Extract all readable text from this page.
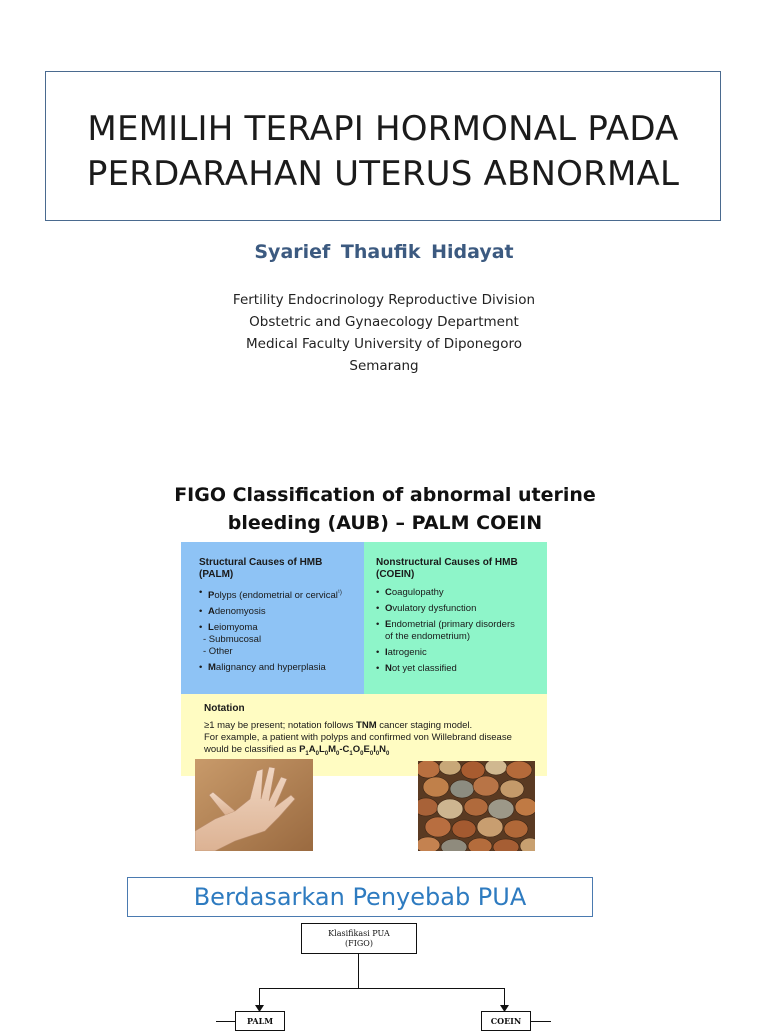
MEMILIH TERAPI HORMONAL PADA
PERDARAHAN UTERUS ABNORMAL
Syarief Thaufik Hidayat
Fertility Endocrinology Reproductive Division
Obstetric and Gynaecology Department
Medical Faculty University of Diponegoro
Semarang
FIGO Classification of abnormal uterine
bleeding (AUB) – PALM COEIN
Structural Causes of HMB
(PALM)
• Polyps (endometrial or cervical$^{^1)}$
• Adenomyosis
• Leiomyoma
- Submucosal
- Other
• Malignancy and hyperplasia
Nonstructural Causes of HMB
(COEIN)
• Coagulopathy
• Ovulatory dysfunction
• Endometrial (primary disorders
of the endometrium)
• Iatrogenic
• Not yet classified
Notation
≥1 may be present; notation follows TNM cancer staging model.
For example, a patient with polyps and confirmed von Willebrand disease
would be classified as $P_1A_0L_0M_0-C_1O_0E_0I_0N_0$
Berdasarkan Penyebab PUA
Klasifikasi PUA
(FIGO)
PALM	COEIN
